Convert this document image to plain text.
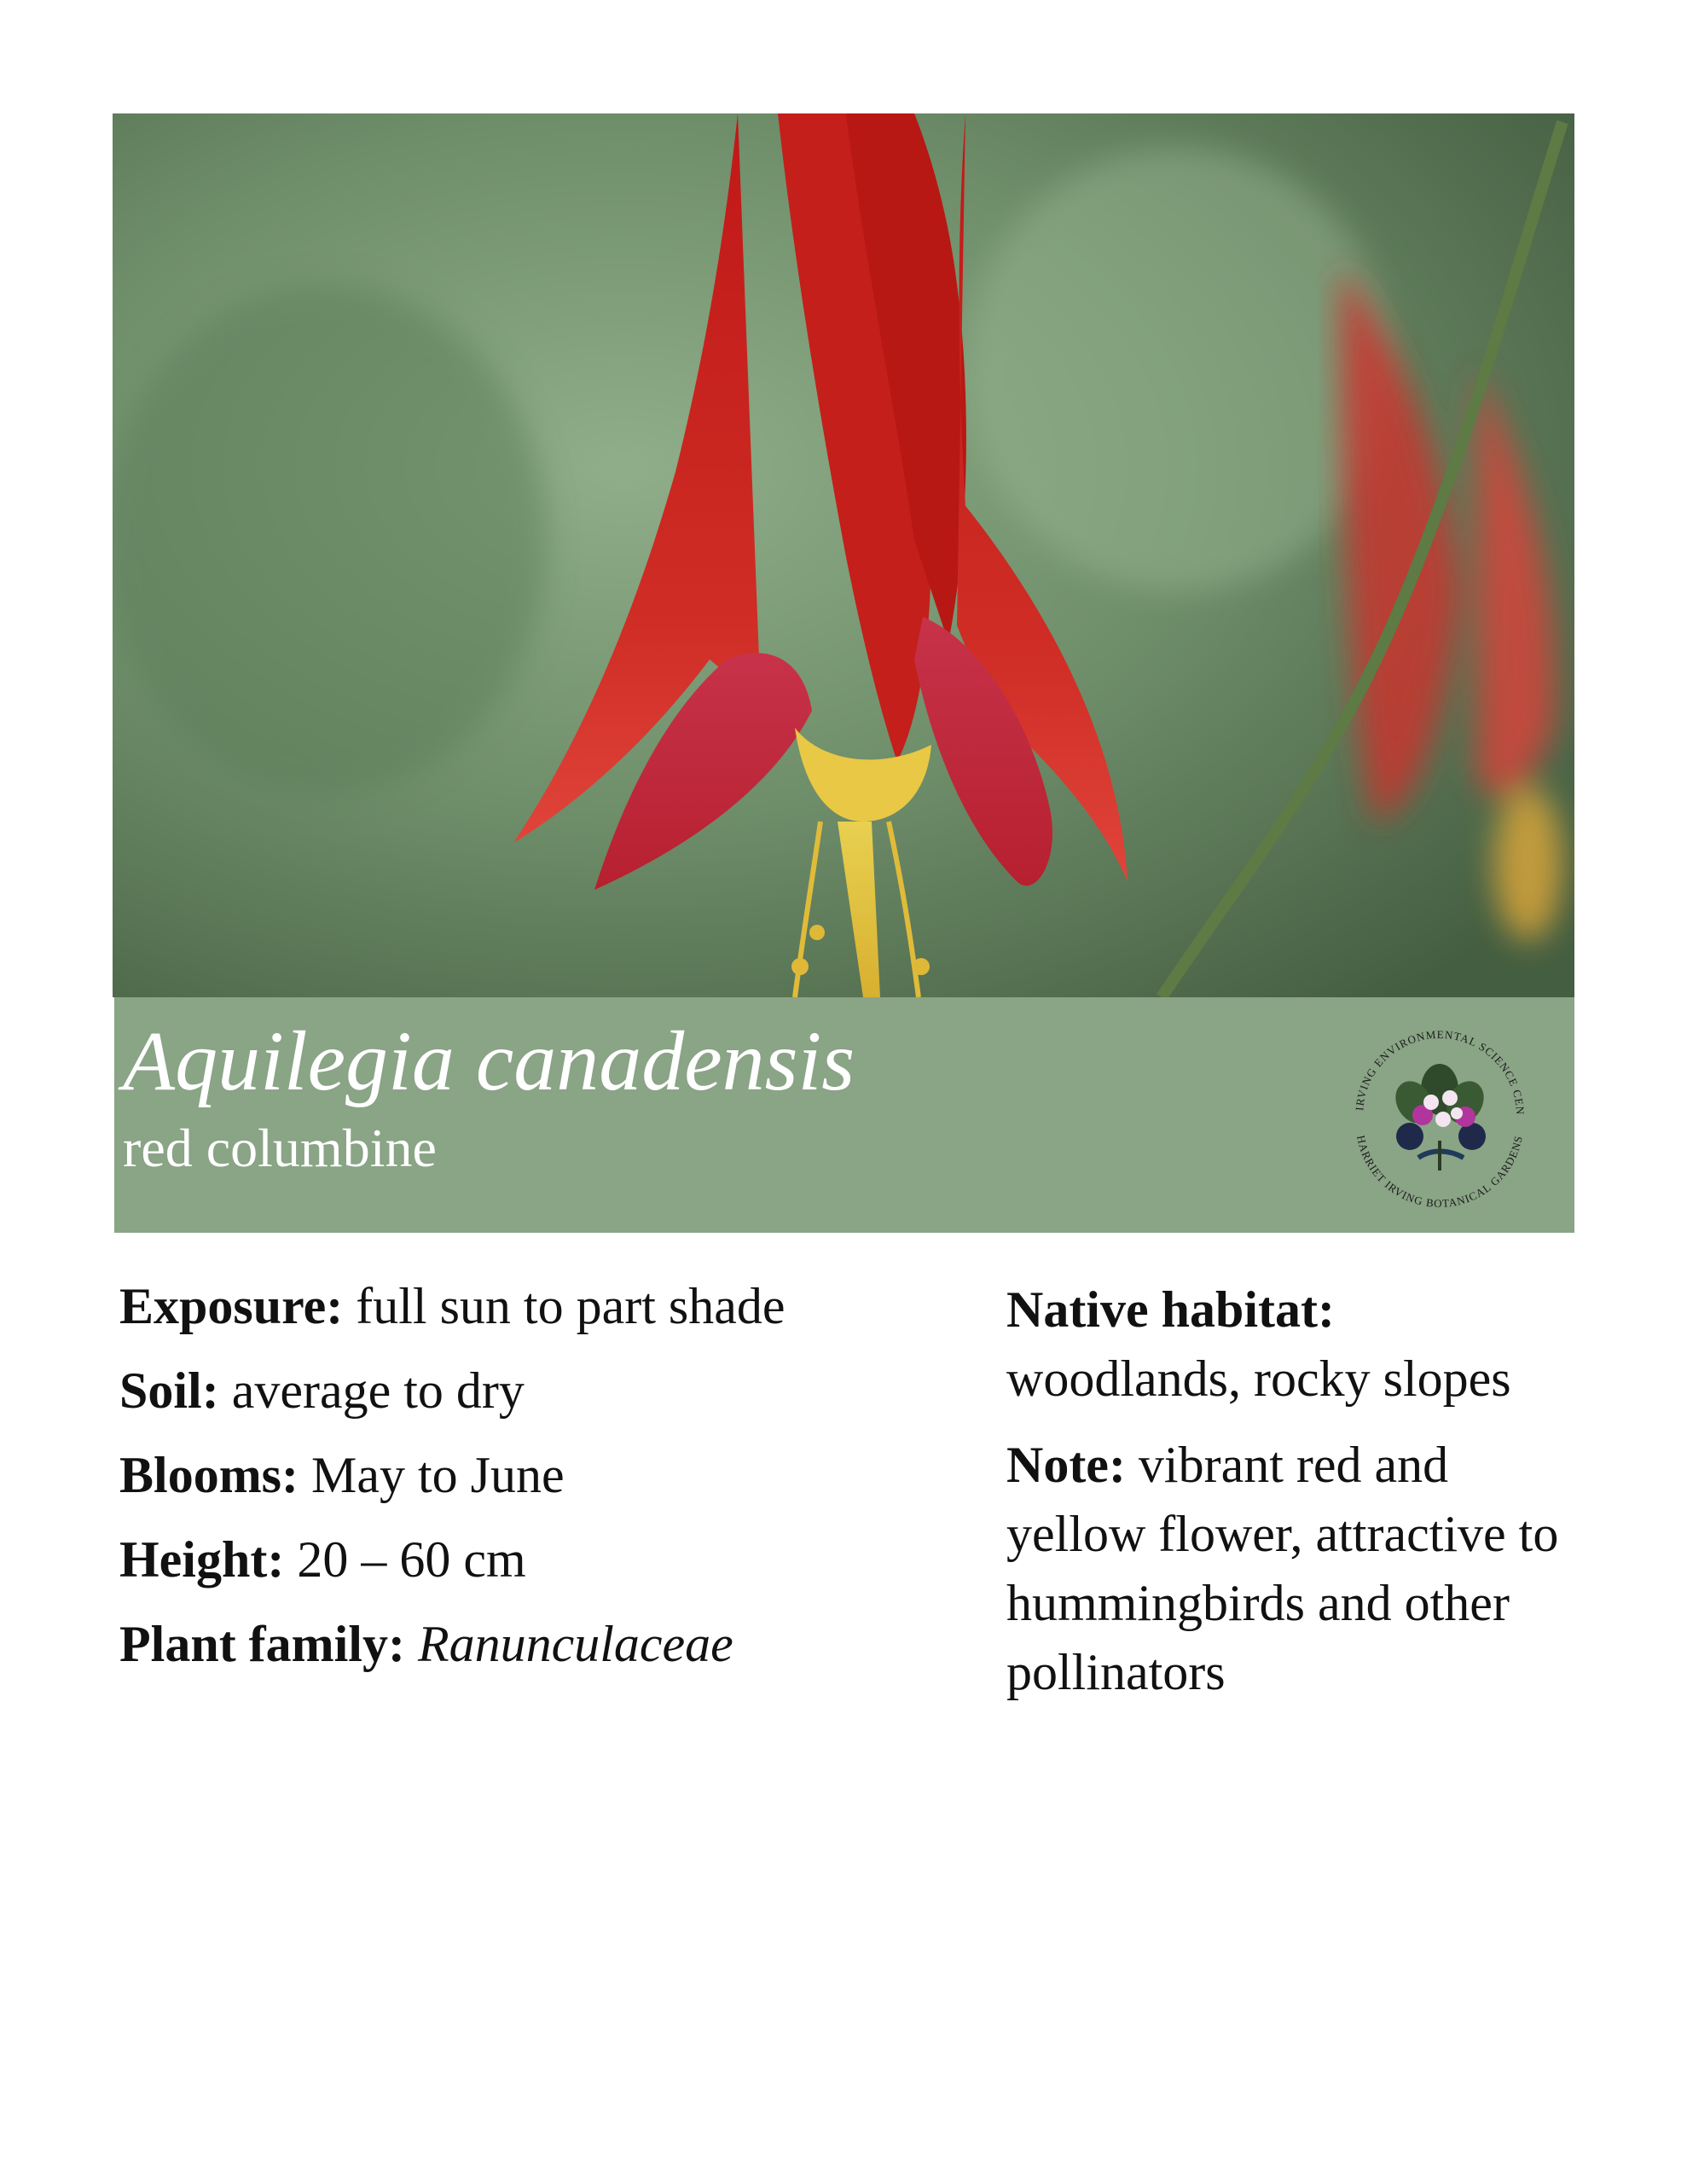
Aquilegia canadensis
red columbine
IRVING ENVIRONMENTAL SCIENCE CEN
HARRIET IRVING BOTANICAL GARDENS
Exposure: full sun to part shade
Soil: average to dry
Blooms: May to June
Height: 20 – 60 cm
Plant family: Ranunculaceae
Native habitat:
woodlands, rocky slopes
Note: vibrant red and yellow flower, attractive to hummingbirds and other pollinators
